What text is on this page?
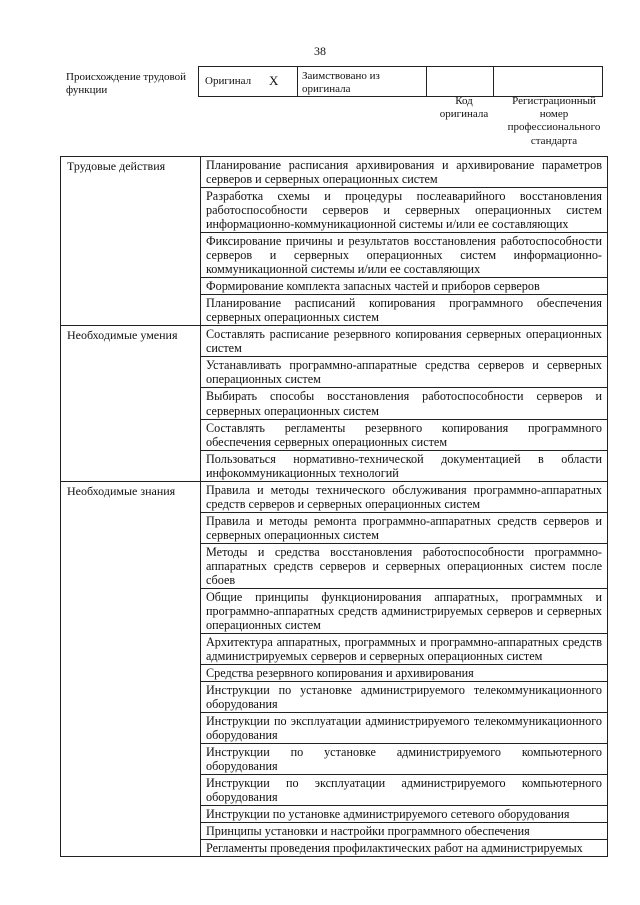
38
Происхождение трудовой функции
Оригинал X	Заимствовано из оригинала		
Код оригинала
Регистрационный номер профессионального стандарта
Трудовые действия	Планирование расписания архивирования и архивирование параметров серверов и серверных операционных систем
	Разработка схемы и процедуры послеаварийного восстановления работоспособности серверов и серверных операционных систем информационно-коммуникационной системы и/или ее составляющих
	Фиксирование причины и результатов восстановления работоспособности серверов и серверных операционных систем информационно-коммуникационной системы и/или ее составляющих
	Формирование комплекта запасных частей и приборов серверов
	Планирование расписаний копирования программного обеспечения серверных операционных систем
Необходимые умения	Составлять расписание резервного копирования серверных операционных систем
	Устанавливать программно-аппаратные средства серверов и серверных операционных систем
	Выбирать способы восстановления работоспособности серверов и серверных операционных систем
	Составлять регламенты резервного копирования программного обеспечения серверных операционных систем
	Пользоваться нормативно-технической документацией в области инфокоммуникационных технологий
Необходимые знания	Правила и методы технического обслуживания программно-аппаратных средств серверов и серверных операционных систем
	Правила и методы ремонта программно-аппаратных средств серверов и серверных операционных систем
	Методы и средства восстановления работоспособности программно-аппаратных средств серверов и серверных операционных систем после сбоев
	Общие принципы функционирования аппаратных, программных и программно-аппаратных средств администрируемых серверов и серверных операционных систем
	Архитектура аппаратных, программных и программно-аппаратных средств администрируемых серверов и серверных операционных систем
	Средства резервного копирования и архивирования
	Инструкции по установке администрируемого телекоммуникационного оборудования
	Инструкции по эксплуатации администрируемого телекоммуникационного оборудования
	Инструкции по установке администрируемого компьютерного оборудования
	Инструкции по эксплуатации администрируемого компьютерного оборудования
	Инструкции по установке администрируемого сетевого оборудования
	Принципы установки и настройки программного обеспечения
	Регламенты проведения профилактических работ на администрируемых
